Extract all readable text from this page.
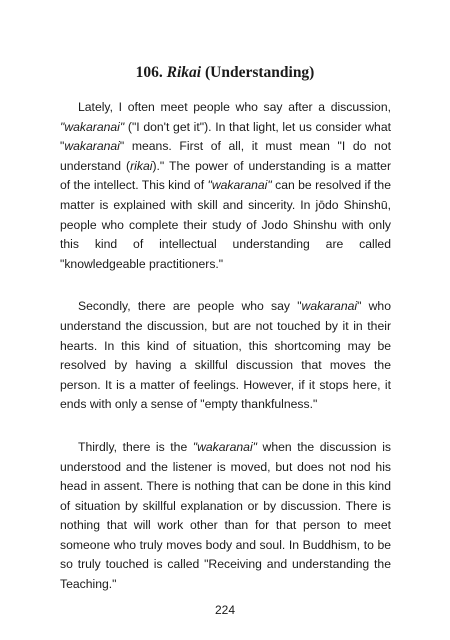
106. Rikai (Understanding)

Lately, I often meet people who say after a discussion, "wakaranai" ("I don't get it"). In that light, let us consider what "wakaranai" means. First of all, it must mean "I do not understand (rikai)." The power of understanding is a matter of the intellect. This kind of "wakaranai" can be resolved if the matter is explained with skill and sincerity. In jōdo Shinshū, people who complete their study of Jodo Shinshu with only this kind of intellectual understanding are called "knowledgeable practitioners."

Secondly, there are people who say "wakaranai" who understand the discussion, but are not touched by it in their hearts. In this kind of situation, this shortcoming may be resolved by having a skillful discussion that moves the person. It is a matter of feelings. However, if it stops here, it ends with only a sense of "empty thankfulness."

Thirdly, there is the "wakaranai" when the discussion is understood and the listener is moved, but does not nod his head in assent. There is nothing that can be done in this kind of situation by skillful explanation or by discussion. There is nothing that will work other than for that person to meet someone who truly moves body and soul. In Buddhism, to be so truly touched is called "Receiving and understanding the Teaching."

224
